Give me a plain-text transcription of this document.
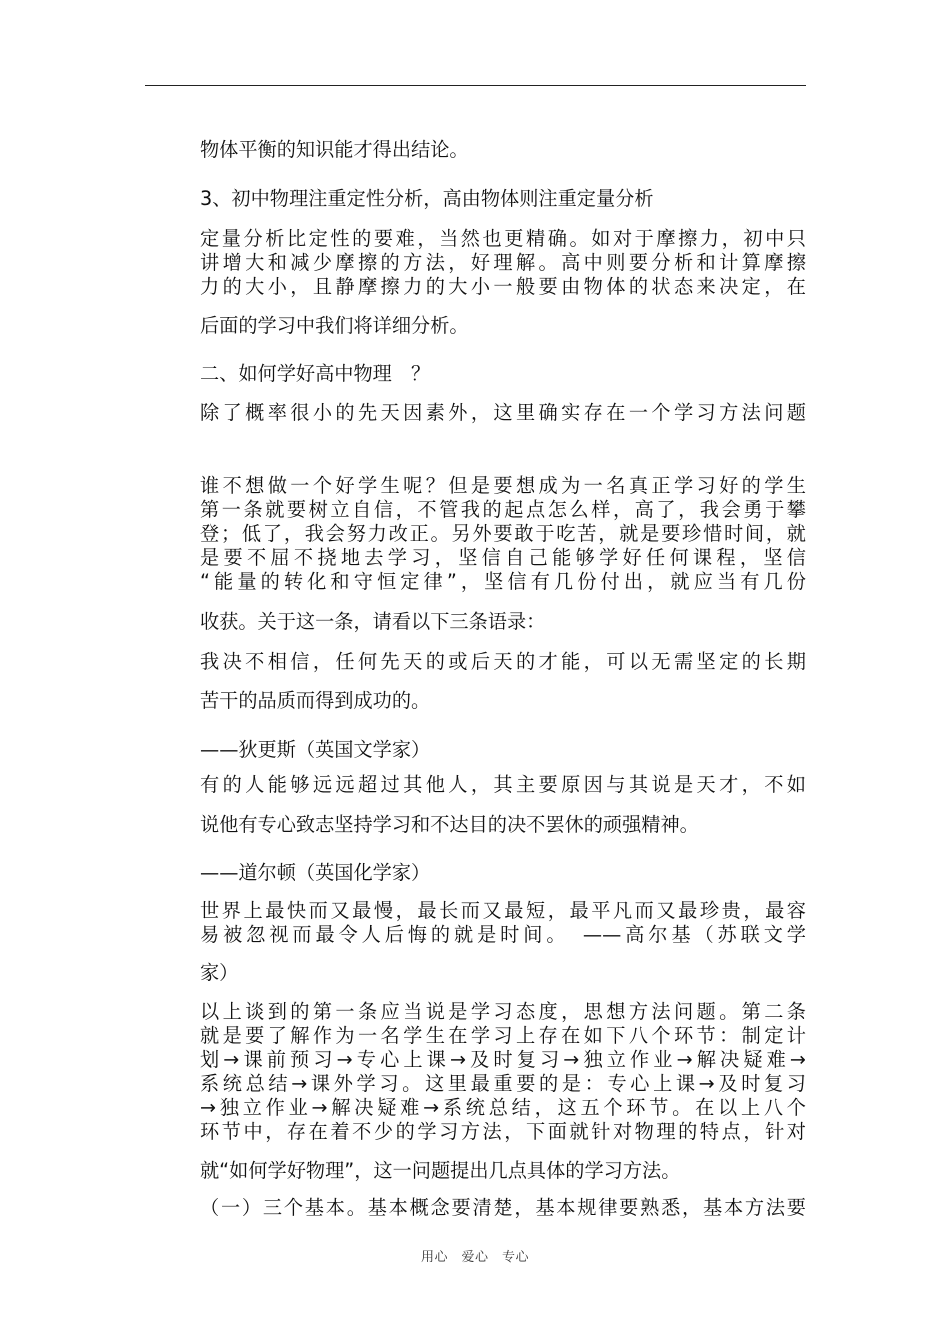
物体平衡的知识能才得出结论。
3、初中物理注重定性分析，高由物体则注重定量分析
定量分析比定性的要难，当然也更精确。如对于摩擦力，初中只
讲增大和减少摩擦的方法，好理解。高中则要分析和计算摩擦
力的大小，且静摩擦力的大小一般要由物体的状态来决定，在
后面的学习中我们将详细分析。
二、如何学好高中物理　？
除了概率很小的先天因素外，这里确实存在一个学习方法问题
谁不想做一个好学生呢？但是要想成为一名真正学习好的学生
第一条就要树立自信，不管我的起点怎么样，高了，我会勇于攀
登；低了，我会努力改正。另外要敢于吃苦，就是要珍惜时间，就
是要不屈不挠地去学习，坚信自己能够学好任何课程，坚信
“能量的转化和守恒定律”，坚信有几份付出，就应当有几份
收获。关于这一条，请看以下三条语录：
我决不相信，任何先天的或后天的才能，可以无需坚定的长期
苦干的品质而得到成功的。
——狄更斯（英国文学家）
有的人能够远远超过其他人，其主要原因与其说是天才，不如
说他有专心致志坚持学习和不达目的决不罢休的顽强精神。
——道尔顿（英国化学家）
世界上最快而又最慢，最长而又最短，最平凡而又最珍贵，最容
易被忽视而最令人后悔的就是时间。　——高尔基（苏联文学
家）
以上谈到的第一条应当说是学习态度，思想方法问题。第二条
就是要了解作为一名学生在学习上存在如下八个环节：制定计
划→课前预习→专心上课→及时复习→独立作业→解决疑难→
系统总结→课外学习。这里最重要的是：专心上课→及时复习
→独立作业→解决疑难→系统总结，这五个环节。在以上八个
环节中，存在着不少的学习方法，下面就针对物理的特点，针对
就“如何学好物理”，这一问题提出几点具体的学习方法。
（一）三个基本。基本概念要清楚，基本规律要熟悉，基本方法要
用心　爱心　专心
